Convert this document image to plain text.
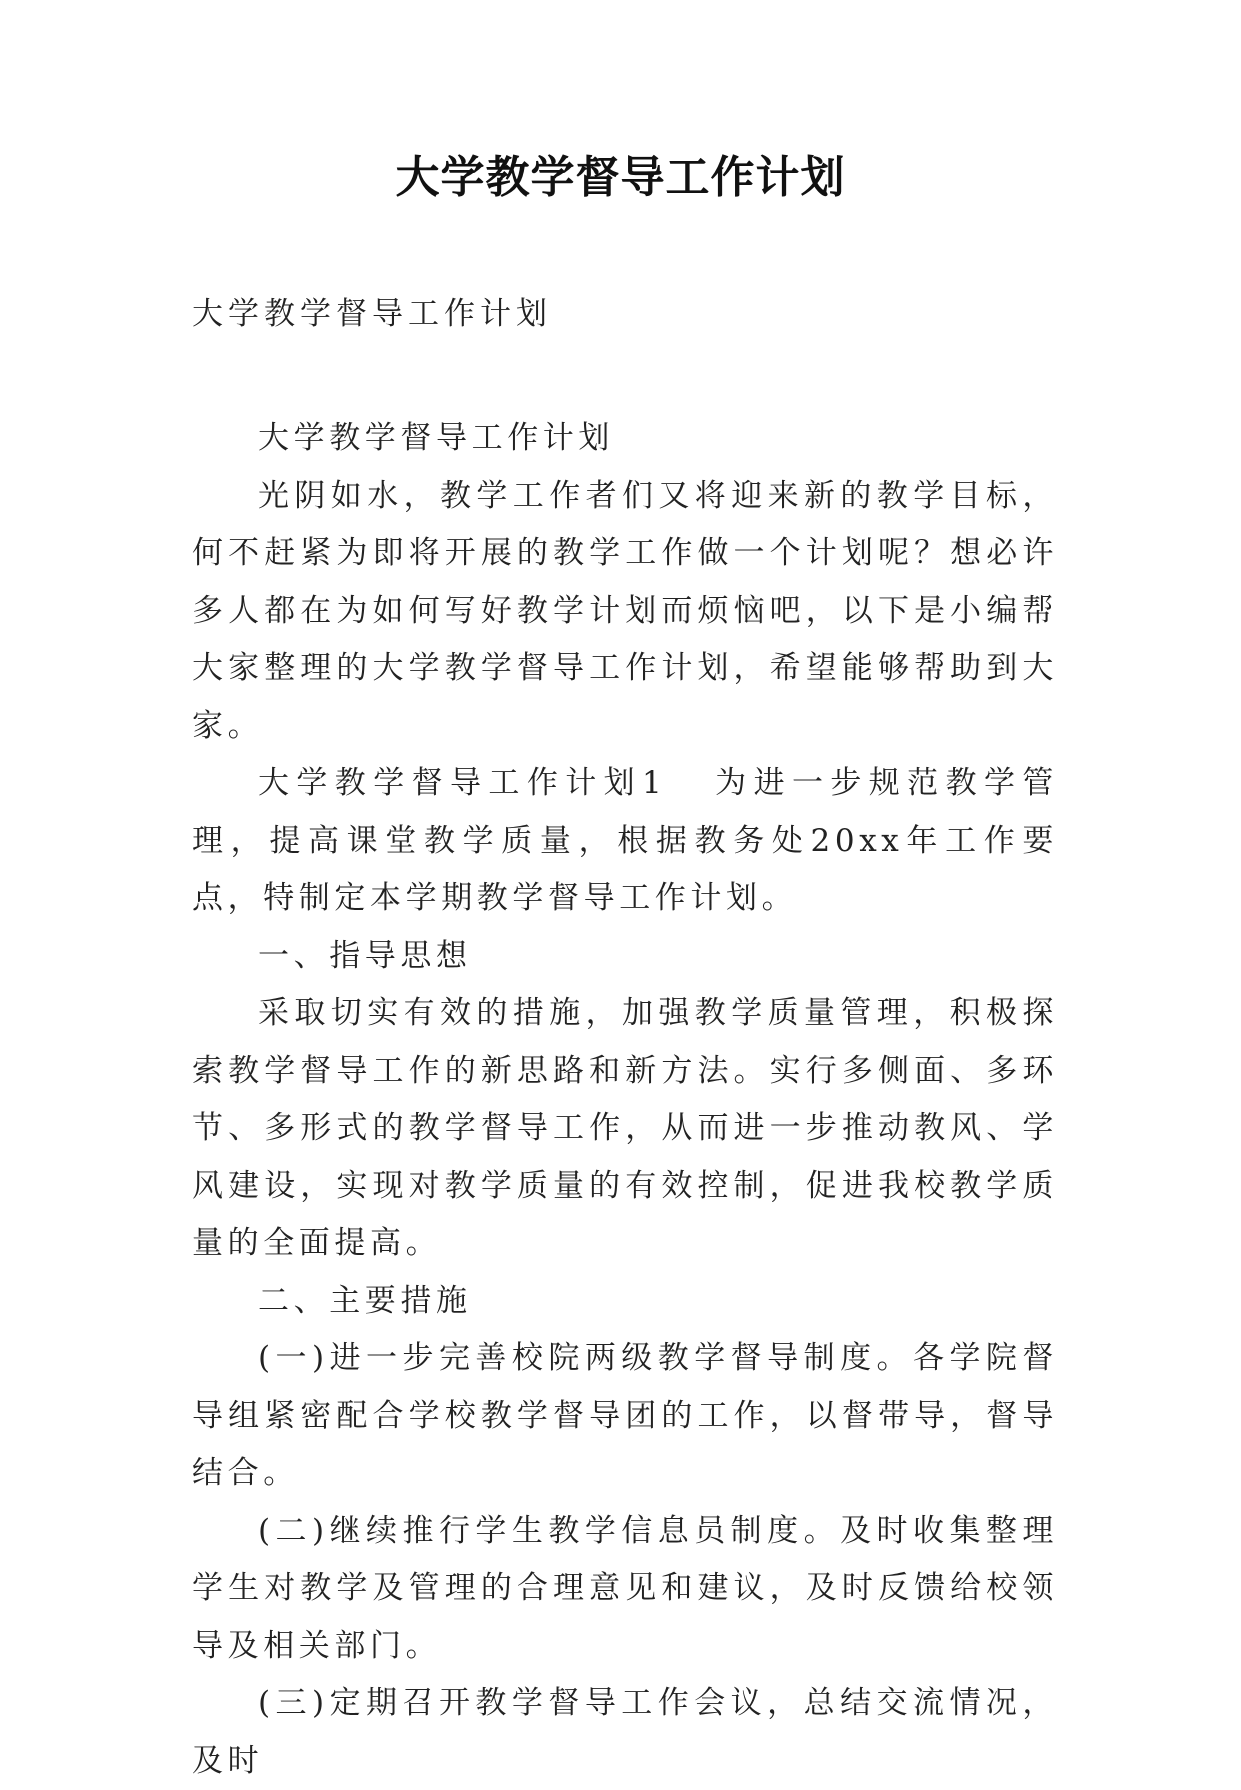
大学教学督导工作计划

大学教学督导工作计划

大学教学督导工作计划

光阴如水，教学工作者们又将迎来新的教学目标，何不赶紧为即将开展的教学工作做一个计划呢？想必许多人都在为如何写好教学计划而烦恼吧，以下是小编帮大家整理的大学教学督导工作计划，希望能够帮助到大家。

大学教学督导工作计划1 为进一步规范教学管理，提高课堂教学质量，根据教务处20xx年工作要点，特制定本学期教学督导工作计划。

一、指导思想

采取切实有效的措施，加强教学质量管理，积极探索教学督导工作的新思路和新方法。实行多侧面、多环节、多形式的教学督导工作，从而进一步推动教风、学风建设，实现对教学质量的有效控制，促进我校教学质量的全面提高。

二、主要措施

(一)进一步完善校院两级教学督导制度。各学院督导组紧密配合学校教学督导团的工作，以督带导，督导结合。

(二)继续推行学生教学信息员制度。及时收集整理学生对教学及管理的合理意见和建议，及时反馈给校领导及相关部门。

(三)定期召开教学督导工作会议，总结交流情况，及时
